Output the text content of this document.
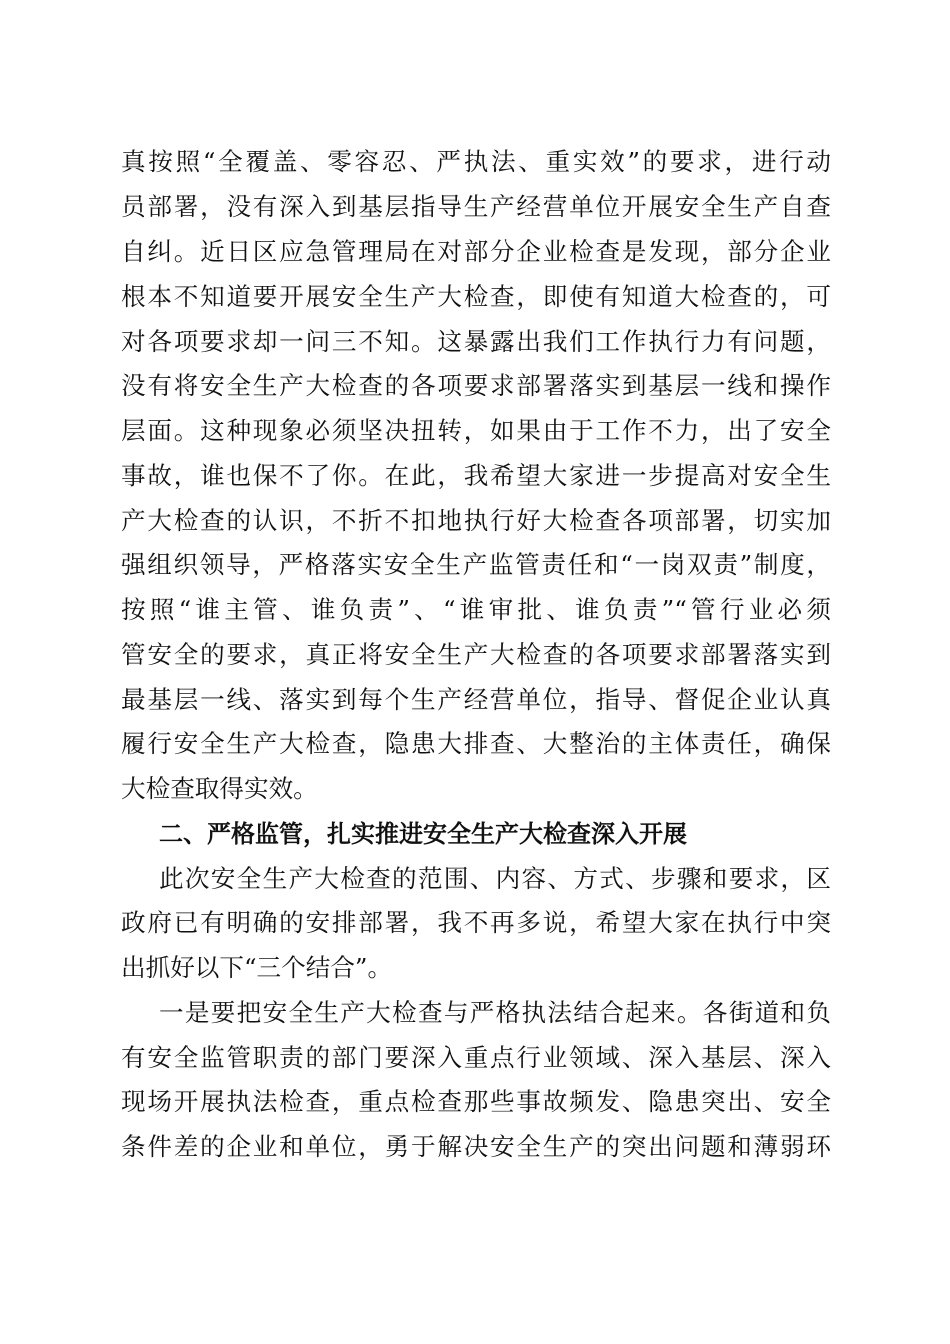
真按照“全覆盖、零容忍、严执法、重实效”的要求，进行动
员部署，没有深入到基层指导生产经营单位开展安全生产自查
自纠。近日区应急管理局在对部分企业检查是发现，部分企业
根本不知道要开展安全生产大检查，即使有知道大检查的，可
对各项要求却一问三不知。这暴露出我们工作执行力有问题，
没有将安全生产大检查的各项要求部署落实到基层一线和操作
层面。这种现象必须坚决扭转，如果由于工作不力，出了安全
事故，谁也保不了你。在此，我希望大家进一步提高对安全生
产大检查的认识，不折不扣地执行好大检查各项部署，切实加
强组织领导，严格落实安全生产监管责任和“一岗双责”制度，
按照“谁主管、谁负责”、“谁审批、谁负责”“管行业必须
管安全的要求，真正将安全生产大检查的各项要求部署落实到
最基层一线、落实到每个生产经营单位，指导、督促企业认真
履行安全生产大检查，隐患大排查、大整治的主体责任，确保
大检查取得实效。
二、严格监管，扎实推进安全生产大检查深入开展
此次安全生产大检查的范围、内容、方式、步骤和要求，区
政府已有明确的安排部署，我不再多说，希望大家在执行中突
出抓好以下“三个结合”。
一是要把安全生产大检查与严格执法结合起来。各街道和负
有安全监管职责的部门要深入重点行业领域、深入基层、深入
现场开展执法检查，重点检查那些事故频发、隐患突出、安全
条件差的企业和单位，勇于解决安全生产的突出问题和薄弱环
